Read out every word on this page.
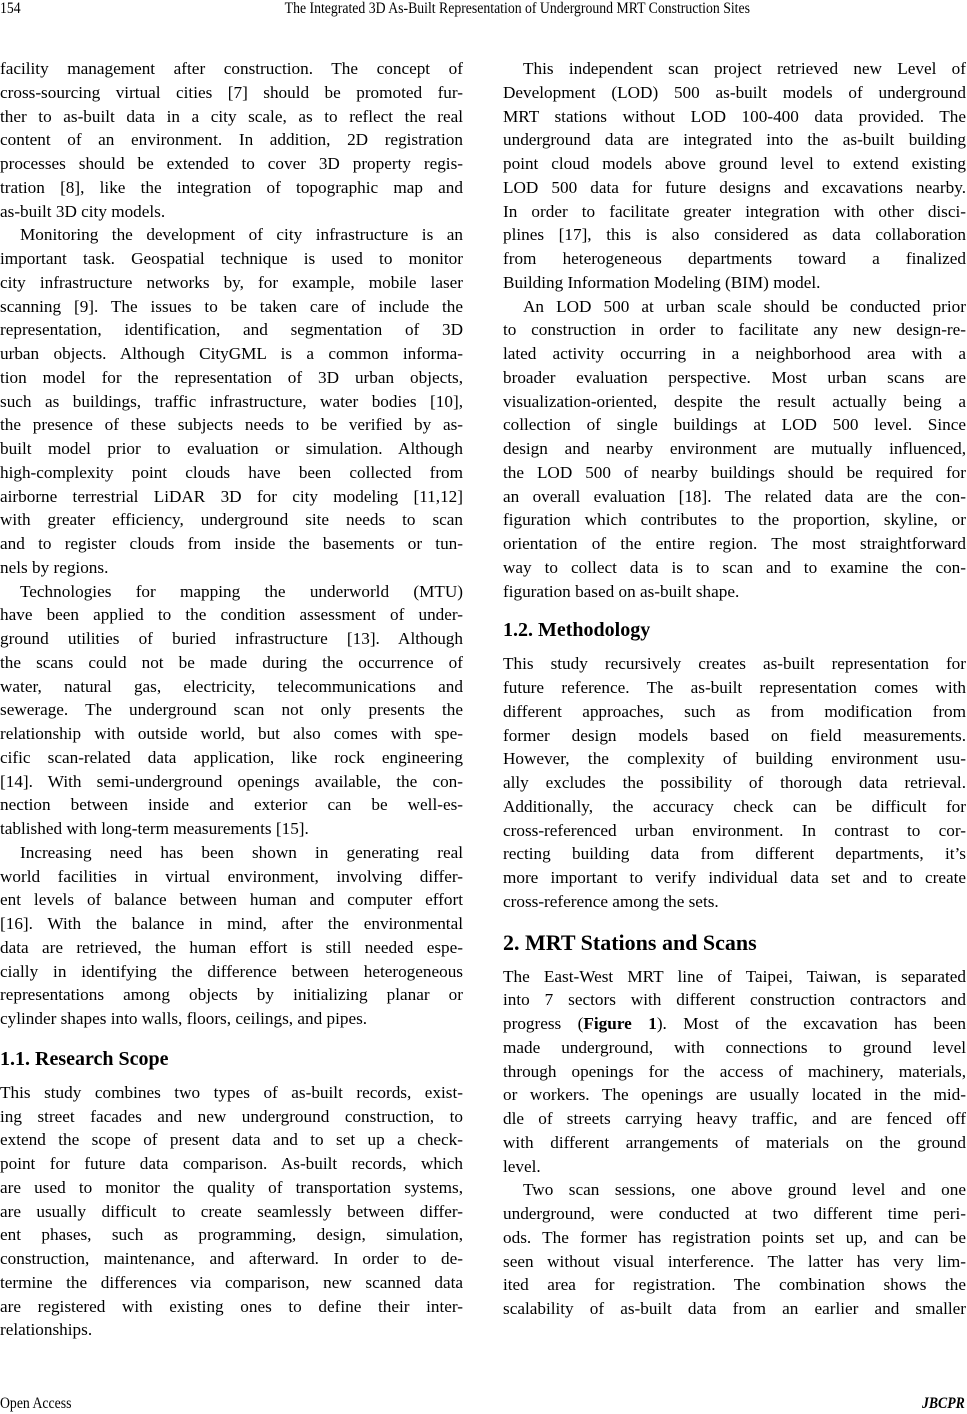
154	The Integrated 3D As-Built Representation of Underground MRT Construction Sites

facility management after construction. The concept of
cross-sourcing virtual cities [7] should be promoted fur-
ther to as-built data in a city scale, as to reflect the real
content of an environment. In addition, 2D registration
processes should be extended to cover 3D property regis-
tration [8], like the integration of topographic map and
as-built 3D city models.

Monitoring the development of city infrastructure is an
important task. Geospatial technique is used to monitor
city infrastructure networks by, for example, mobile laser
scanning [9]. The issues to be taken care of include the
representation, identification, and segmentation of 3D
urban objects. Although CityGML is a common informa-
tion model for the representation of 3D urban objects,
such as buildings, traffic infrastructure, water bodies [10],
the presence of these subjects needs to be verified by as-
built model prior to evaluation or simulation. Although
high-complexity point clouds have been collected from
airborne terrestrial LiDAR 3D for city modeling [11,12]
with greater efficiency, underground site needs to scan
and to register clouds from inside the basements or tun-
nels by regions.

Technologies for mapping the underworld (MTU)
have been applied to the condition assessment of under-
ground utilities of buried infrastructure [13]. Although
the scans could not be made during the occurrence of
water, natural gas, electricity, telecommunications and
sewerage. The underground scan not only presents the
relationship with outside world, but also comes with spe-
cific scan-related data application, like rock engineering
[14]. With semi-underground openings available, the con-
nection between inside and exterior can be well-es-
tablished with long-term measurements [15].

Increasing need has been shown in generating real
world facilities in virtual environment, involving differ-
ent levels of balance between human and computer effort
[16]. With the balance in mind, after the environmental
data are retrieved, the human effort is still needed espe-
cially in identifying the difference between heterogeneous
representations among objects by initializing planar or
cylinder shapes into walls, floors, ceilings, and pipes.

1.1. Research Scope

This study combines two types of as-built records, exist-
ing street facades and new underground construction, to
extend the scope of present data and to set up a check-
point for future data comparison. As-built records, which
are used to monitor the quality of transportation systems,
are usually difficult to create seamlessly between differ-
ent phases, such as programming, design, simulation,
construction, maintenance, and afterward. In order to de-
termine the differences via comparison, new scanned data
are registered with existing ones to define their inter-
relationships.

This independent scan project retrieved new Level of
Development (LOD) 500 as-built models of underground
MRT stations without LOD 100-400 data provided. The
underground data are integrated into the as-built building
point cloud models above ground level to extend existing
LOD 500 data for future designs and excavations nearby.
In order to facilitate greater integration with other disci-
plines [17], this is also considered as data collaboration
from heterogeneous departments toward a finalized
Building Information Modeling (BIM) model.

An LOD 500 at urban scale should be conducted prior
to construction in order to facilitate any new design-re-
lated activity occurring in a neighborhood area with a
broader evaluation perspective. Most urban scans are
visualization-oriented, despite the result actually being a
collection of single buildings at LOD 500 level. Since
design and nearby environment are mutually influenced,
the LOD 500 of nearby buildings should be required for
an overall evaluation [18]. The related data are the con-
figuration which contributes to the proportion, skyline, or
orientation of the entire region. The most straightforward
way to collect data is to scan and to examine the con-
figuration based on as-built shape.

1.2. Methodology

This study recursively creates as-built representation for
future reference. The as-built representation comes with
different approaches, such as from modification from
former design models based on field measurements.
However, the complexity of building environment usu-
ally excludes the possibility of thorough data retrieval.
Additionally, the accuracy check can be difficult for
cross-referenced urban environment. In contrast to cor-
recting building data from different departments, it’s
more important to verify individual data set and to create
cross-reference among the sets.

2. MRT Stations and Scans

The East-West MRT line of Taipei, Taiwan, is separated
into 7 sectors with different construction contractors and
progress (Figure 1). Most of the excavation has been
made underground, with connections to ground level
through openings for the access of machinery, materials,
or workers. The openings are usually located in the mid-
dle of streets carrying heavy traffic, and are fenced off
with different arrangements of materials on the ground
level.

Two scan sessions, one above ground level and one
underground, were conducted at two different time peri-
ods. The former has registration points set up, and can be
seen without visual interference. The latter has very lim-
ited area for registration. The combination shows the
scalability of as-built data from an earlier and smaller

Open Access	JBCPR
